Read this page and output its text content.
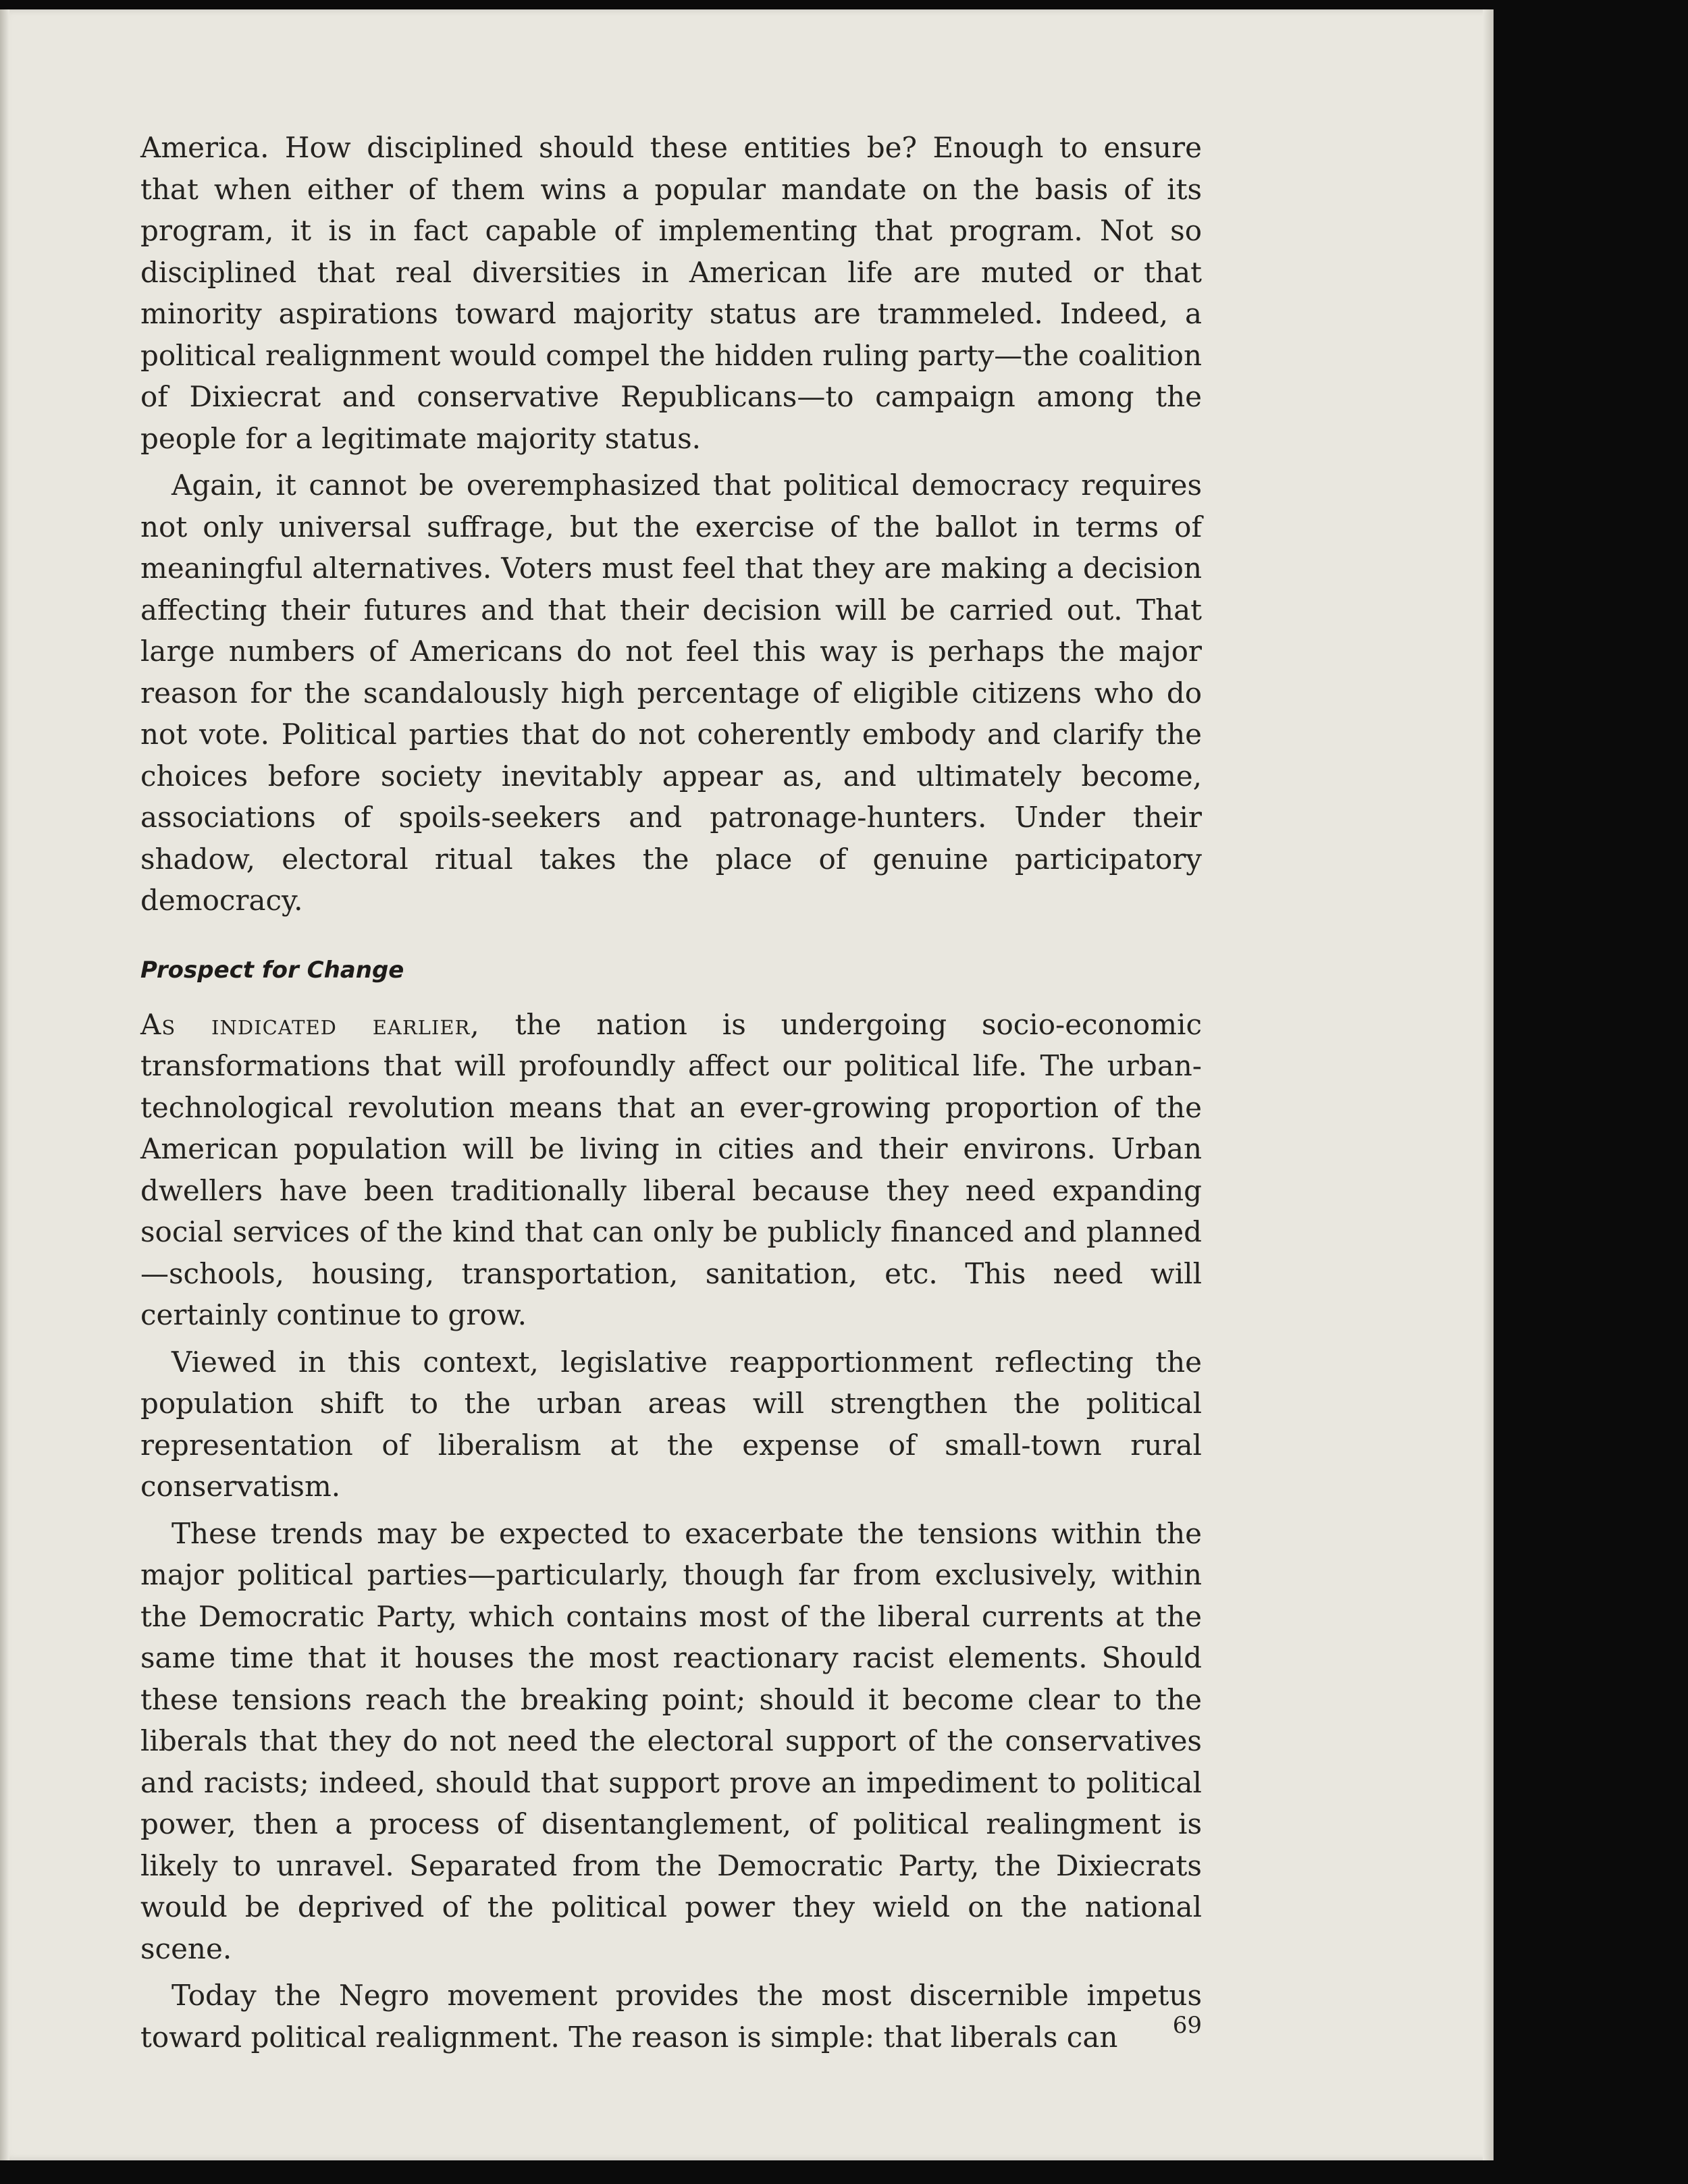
America. How disciplined should these entities be? Enough to ensure that when either of them wins a popular mandate on the basis of its program, it is in fact capable of implementing that program. Not so disciplined that real diversities in American life are muted or that minority aspirations toward majority status are trammeled. Indeed, a political realignment would compel the hidden ruling party—the coalition of Dixiecrat and conservative Republicans—to campaign among the people for a legitimate majority status.

Again, it cannot be overemphasized that political democracy requires not only universal suffrage, but the exercise of the ballot in terms of meaningful alternatives. Voters must feel that they are making a decision affecting their futures and that their decision will be carried out. That large numbers of Americans do not feel this way is perhaps the major reason for the scandalously high percentage of eligible citizens who do not vote. Political parties that do not coherently embody and clarify the choices before society inevitably appear as, and ultimately become, associations of spoils-seekers and patronage-hunters. Under their shadow, electoral ritual takes the place of genuine participatory democracy.

Prospect for Change

As indicated earlier, the nation is undergoing socio-economic transformations that will profoundly affect our political life. The urban-technological revolution means that an ever-growing proportion of the American population will be living in cities and their environs. Urban dwellers have been traditionally liberal because they need expanding social services of the kind that can only be publicly financed and planned—schools, housing, transportation, sanitation, etc. This need will certainly continue to grow.

Viewed in this context, legislative reapportionment reflecting the population shift to the urban areas will strengthen the political representation of liberalism at the expense of small-town rural conservatism.

These trends may be expected to exacerbate the tensions within the major political parties—particularly, though far from exclusively, within the Democratic Party, which contains most of the liberal currents at the same time that it houses the most reactionary racist elements. Should these tensions reach the breaking point; should it become clear to the liberals that they do not need the electoral support of the conservatives and racists; indeed, should that support prove an impediment to political power, then a process of disentanglement, of political realingment is likely to unravel. Separated from the Democratic Party, the Dixiecrats would be deprived of the political power they wield on the national scene.

Today the Negro movement provides the most discernible impetus toward political realignment. The reason is simple: that liberals can	69
